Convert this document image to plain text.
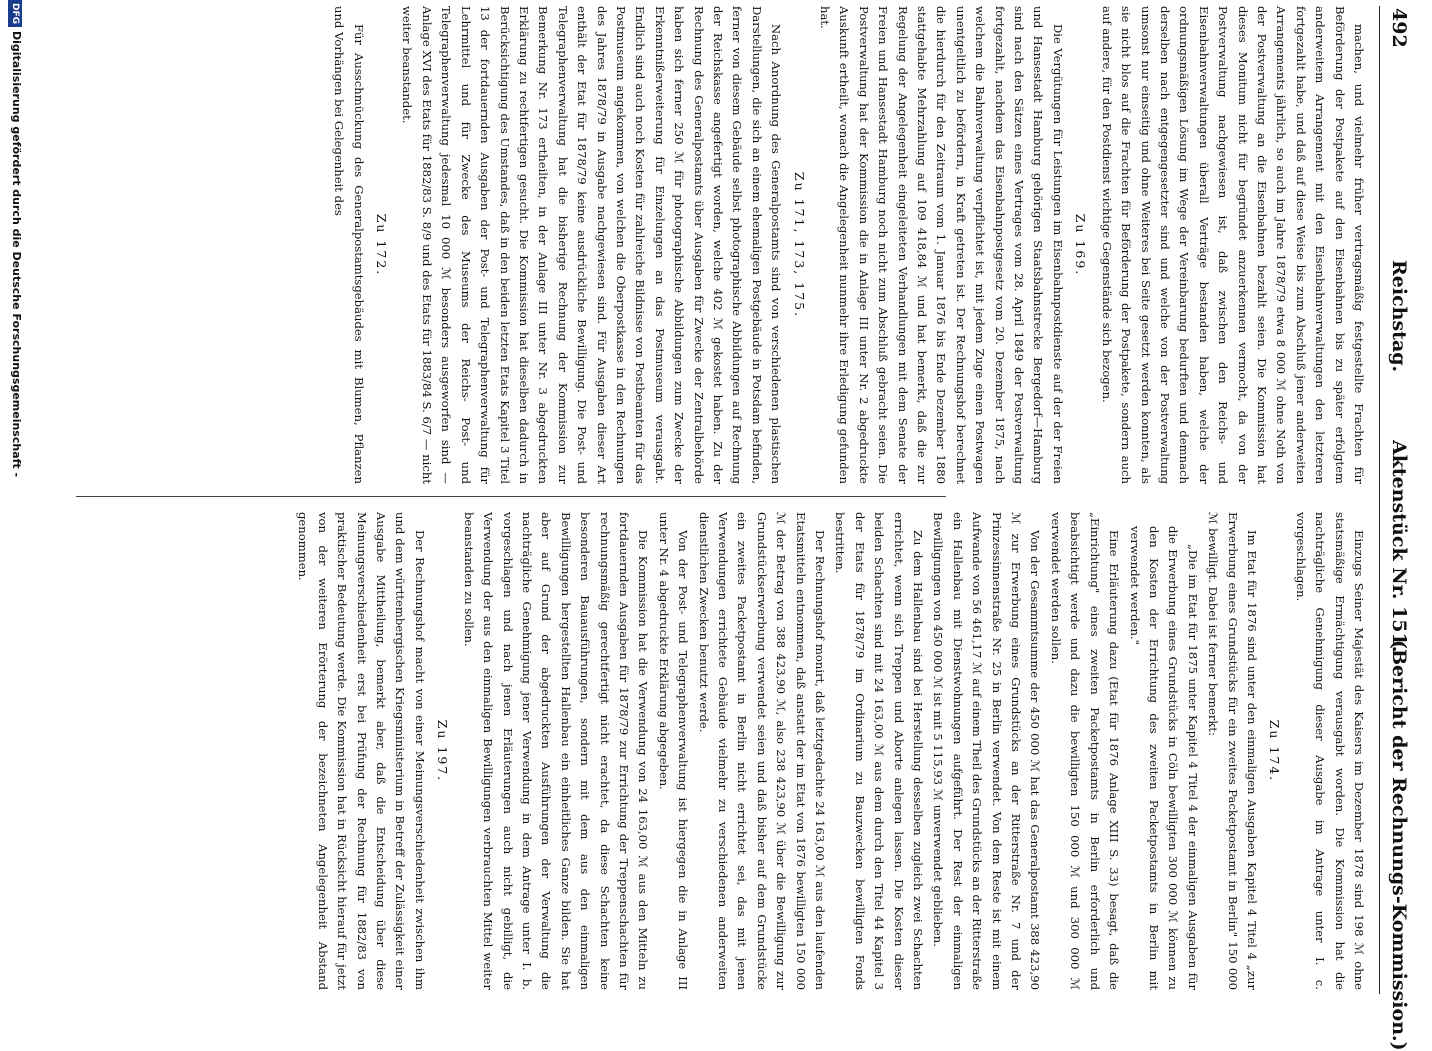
492
Reichstag.
Aktenstück Nr. 151.
(Bericht der Rechnungs-Kommission.)

machen, und vielmehr früher vertragsmäßig festgestellte Frachten für Beförderung der Postpakete auf den Eisenbahnen bis zu später erfolgtem anderweitem Arrangement mit den Eisenbahnverwaltungen den letzteren fortgezahlt habe, und daß auf diese Weise bis zum Abschluß jener anderweiten Arrangements jährlich, so auch im Jahre 1878/79 etwa 8 000 ℳ ohne Noth von der Postverwaltung an die Eisenbahnen bezahlt seien. Die Kommission hat dieses Monitum nicht für begründet anzuerkennen vermocht, da von der Postverwaltung nachgewiesen ist, daß zwischen den Reichs- und Eisenbahnverwaltungen überall Verträge bestanden haben, welche der ordnungsmäßigen Lösung im Wege der Vereinbarung bedurften und demnach derselben nach entgegengesetzter sind und welche von der Postverwaltung umsonst nur einseitig und ohne Weiteres bei Seite gesetzt werden konnten, als sie nicht blos auf die Frachten für Beförderung der Postpakete, sondern auch auf andere, für den Postdienst wichtige Gegenstände sich bezogen.

Zu 169.

Die Vergütungen für Leistungen im Eisenbahnpostdienste auf der der Freien und Hansestadt Hamburg gehörigen Staatsbahnstrecke Bergedorf—Hamburg sind nach den Sätzen eines Vertrages vom 28. April 1849 der Postverwaltung fortgezahlt, nachdem das Eisenbahnpostgesetz vom 20. Dezember 1875, nach welchem die Bahnverwaltung verpflichtet ist, mit jedem Zuge einen Postwagen unentgeltlich zu befördern, in Kraft getreten ist. Der Rechnungshof berechnet die hierdurch für den Zeitraum vom 1. Januar 1876 bis Ende Dezember 1880 stattgehabte Mehrzahlung auf 109 418,84 ℳ und hat bemerkt, daß die zur Regelung der Angelegenheit eingeleiteten Verhandlungen mit dem Senate der Freien und Hansestadt Hamburg noch nicht zum Abschluß gebracht seien. Die Postverwaltung hat der Kommission die in Anlage III unter Nr. 2 abgedruckte Auskunft ertheilt, wonach die Angelegenheit nunmehr ihre Erledigung gefunden hat.

Zu 171, 173, 175.

Nach Anordnung des Generalpostamts sind von verschiedenen plastischen Darstellungen, die sich an einem ehemaligen Postgebäude in Potsdam befinden, ferner von diesem Gebäude selbst photographische Abbildungen auf Rechnung der Reichskasse angefertigt worden, welche 402 ℳ gekostet haben. Zu der Rechnung des Generalpostamts über Ausgaben für Zwecke der Zentralbehörde haben sich ferner 250 ℳ für photographische Abbildungen zum Zwecke der Erkenntnißerweiterung für Einzelungen an das Postmuseum verausgabt. Endlich sind auch noch Kosten für zahlreiche Bildnisse von Postbeamten für das Postmuseum angekommen, von welchen die Oberpostkasse in den Rechnungen des Jahres 1878/79 in Ausgabe nachgewiesen sind. Für Ausgaben dieser Art enthält der Etat für 1878/79 keine ausdrückliche Bewilligung. Die Post- und Telegraphenverwaltung hat die bisherige Rechnung der Kommission zur Bemerkung Nr. 173 ertheilten, in der Anlage III unter Nr. 3 abgedruckten Erklärung zu rechtfertigen gesucht. Die Kommission hat dieselben dadurch in Berücksichtigung des Umstandes, daß in den beiden letzten Etats Kapitel 3 Titel 13 der fortdauernden Ausgaben der Post- und Telegraphenverwaltung für Lehrmittel und für Zwecke des Museums der Reichs- Post- und Telegraphenverwaltung jedesmal 10 000 ℳ besonders ausgeworfen sind — Anlage XVI des Etats für 1882/83 S. 8/9 und des Etats für 1883/84 S. 6/7 — nicht weiter beanstandet.

Zu 172.

Für Ausschmückung des Generalpostamtsgebäudes mit Blumen, Pflanzen und Vorhängen bei Gelegenheit des

Einzugs Seiner Majestät des Kaisers im Dezember 1878 sind 198 ℳ ohne statsmäßige Ermächtigung verausgabt worden. Die Kommission hat die nachträgliche Genehmigung dieser Ausgabe im Antrage unter I. c. vorgeschlagen.

Zu 174.

Im Etat für 1876 sind unter den einmaligen Ausgaben Kapitel 4 Titel 4 „zur Erwerbung eines Grundstücks für ein zweites Packetpostamt in Berlin" 150 000 ℳ bewilligt. Dabei ist ferner bemerkt:

„Die im Etat für 1875 unter Kapitel 4 Titel 4 der einmaligen Ausgaben für die Erwerbung eines Grundstücks in Cöln bewilligten 300 000 ℳ können zu den Kosten der Errichtung des zweiten Packetpostamts in Berlin mit verwendet werden."

Eine Erläuterung dazu (Etat für 1876 Anlage XIII S. 33) besagt, daß die „Einrichtung" eines zweiten Packetpostamts in Berlin erforderlich und beabsichtigt werde und dazu die bewilligten 150 000 ℳ und 300 000 ℳ verwendet werden sollen.

Von der Gesammtsumme der 450 000 ℳ hat das Generalpostamt 388 423,90 ℳ zur Erwerbung eines Grundstücks an der Ritterstraße Nr. 7 und der Prinzessinnenstraße Nr. 25 in Berlin verwendet. Von dem Reste ist mit einem Aufwande von 56 461,17 ℳ auf einem Theil des Grundstücks an der Ritterstraße ein Hallenbau mit Dienstwohnungen aufgeführt. Der Rest der einmaligen Bewilligungen von 450 000 ℳ ist mit 5 115,93 ℳ unverwendet geblieben.

Zu dem Hallenbau sind bei Herstellung desselben zugleich zwei Schachten errichtet, wenn sich Treppen und Aborte anlegen lassen. Die Kosten dieser beiden Schachten sind mit 24 163,00 ℳ aus dem durch den Titel 44 Kapitel 3 der Etats für 1878/79 im Ordinarium zu Bauzwecken bewilligten Fonds bestritten.

Der Rechnungshof monirt, daß letztgedachte 24 163,00 ℳ aus den laufenden Etatsmitteln entnommen, daß anstatt der im Etat von 1876 bewilligten 150 000 ℳ der Betrag von 388 423,90 ℳ, also 238 423,90 ℳ über die Bewilligung zur Grundstückserwerbung verwendet seien und daß bisher auf dem Grundstücke ein zweites Packetpostamt in Berlin nicht errichtet sei, das mit jenen Verwendungen errichtete Gebäude vielmehr zu verschiedenen anderweiten dienstlichen Zwecken benutzt werde.

Von der Post- und Telegraphenverwaltung ist hiergegen die in Anlage III unter Nr. 4 abgedruckte Erklärung abgegeben.

Die Kommission hat die Verwendung von 24 163,00 ℳ aus den Mitteln zu fortdauernden Ausgaben für 1878/79 zur Errichtung der Treppenschachten für rechnungsmäßig gerechtfertigt nicht erachtet, da diese Schachten keine besonderen Bauausführungen, sondern mit dem aus den einmaligen Bewilligungen hergestellten Hallenbau ein einheitliches Ganze bilden. Sie hat aber auf Grund der abgedruckten Ausführungen der Verwaltung die nachträgliche Genehmigung jener Verwendung in dem Antrage unter I. b. vorgeschlagen und nach jenen Erläuterungen auch nicht gebilligt, die Verwendung der aus den einmaligen Bewilligungen verbrauchten Mittel weiter beanstanden zu sollen.

Zu 197.

Der Rechnungshof macht von einer Meinungsverschiedenheit zwischen ihm und dem württembergischen Kriegsministerium in Betreff der Zulässigkeit einer Ausgabe Mittheilung, bemerkt aber, daß die Entscheidung über diese Meinungsverschiedenheit erst bei Prüfung der Rechnung für 1882/83 von praktischer Bedeutung werde. Die Kommission hat in Rücksicht hierauf für jetzt von der weiteren Erörterung der bezeichneten Angelegenheit Abstand genommen.

DFGDigitalisierung gefördert durch die Deutsche Forschungsgemeinschaft -
